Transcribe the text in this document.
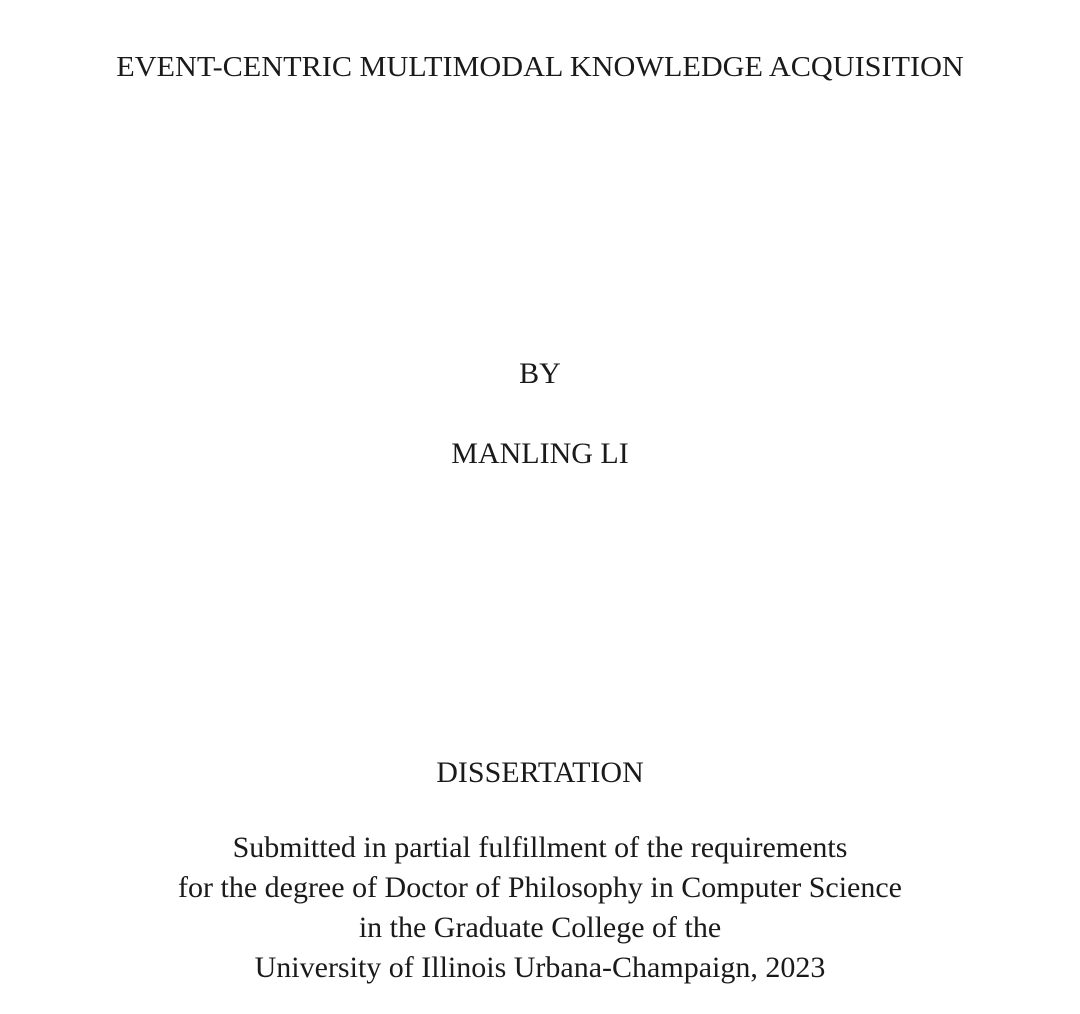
EVENT-CENTRIC MULTIMODAL KNOWLEDGE ACQUISITION
BY
MANLING LI
DISSERTATION
Submitted in partial fulfillment of the requirements
for the degree of Doctor of Philosophy in Computer Science
in the Graduate College of the
University of Illinois Urbana-Champaign, 2023
